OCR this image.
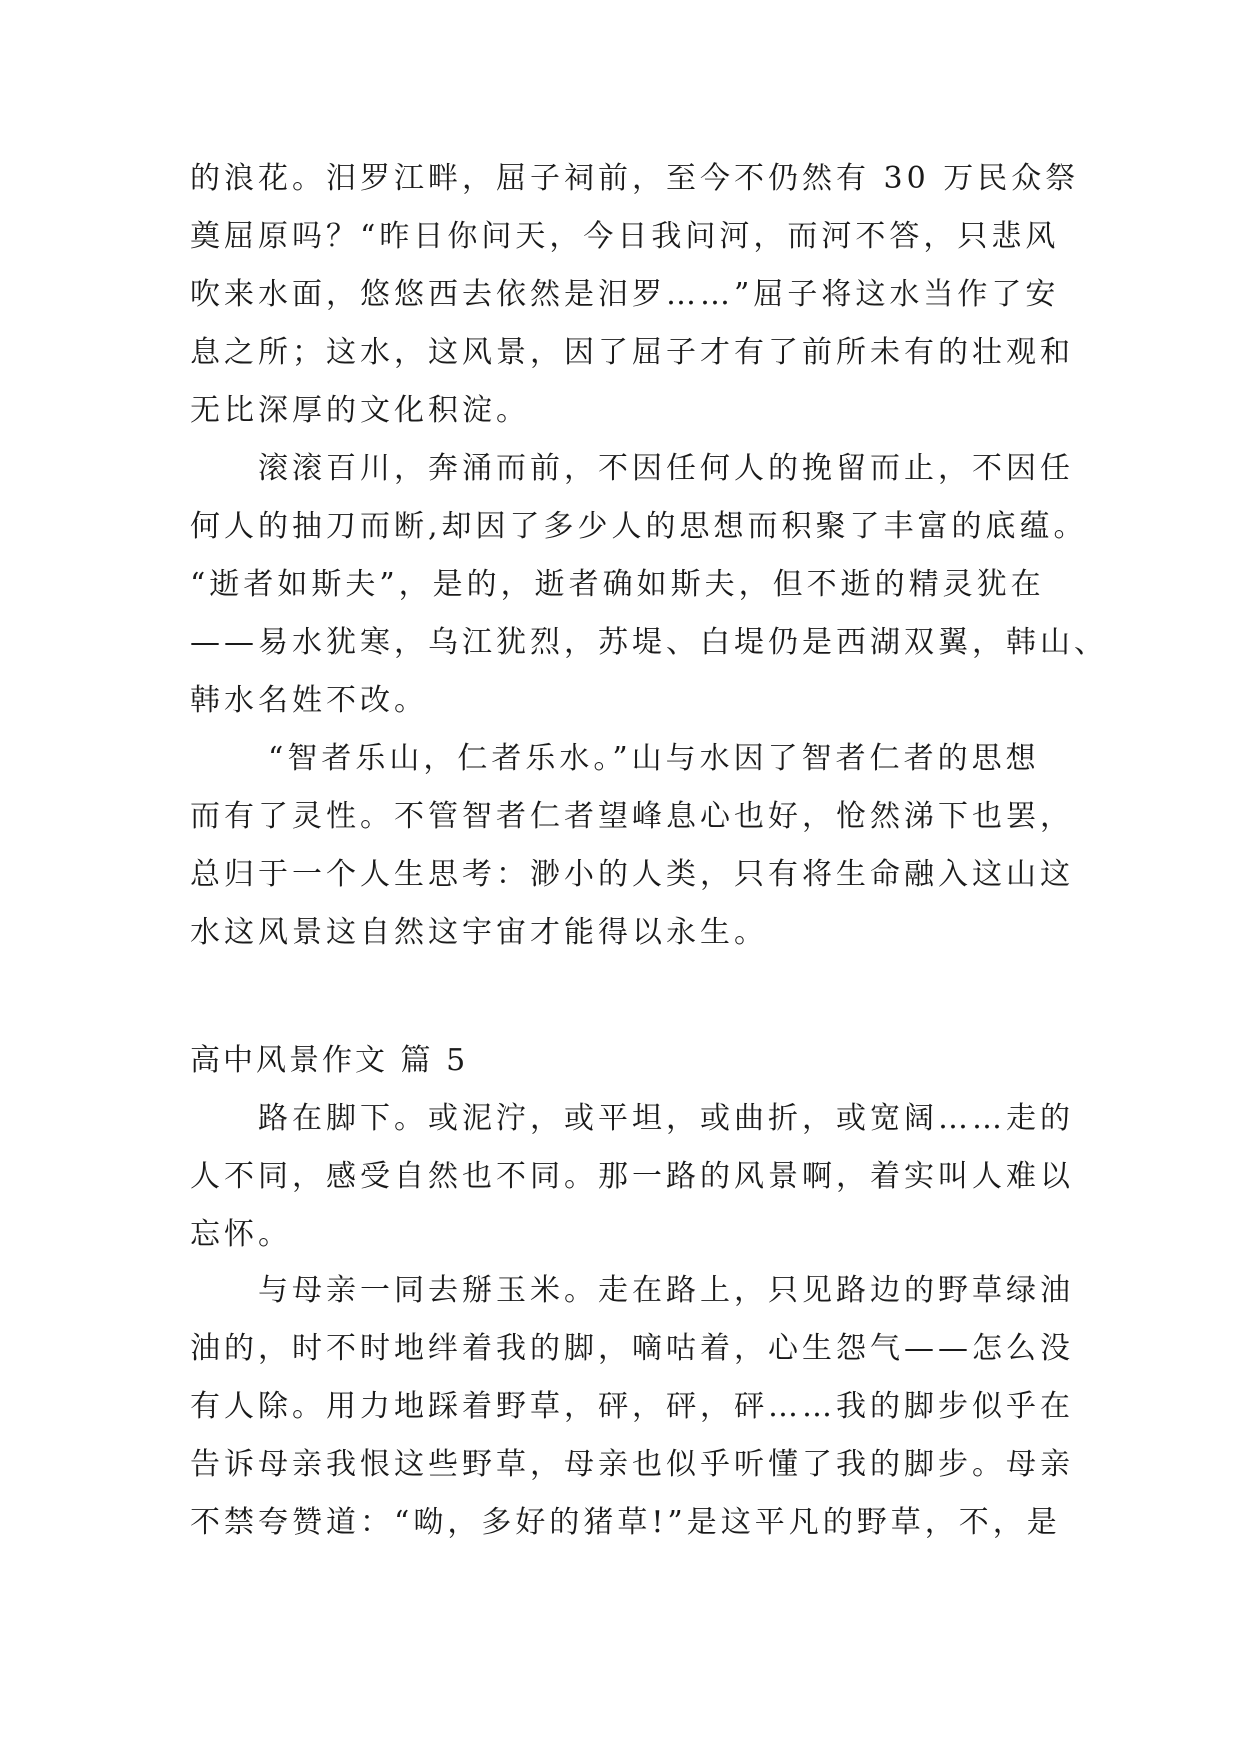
的浪花。汨罗江畔，屈子祠前，至今不仍然有 30 万民众祭
奠屈原吗？“昨日你问天，今日我问河，而河不答，只悲风
吹来水面，悠悠西去依然是汨罗……”屈子将这水当作了安
息之所；这水，这风景，因了屈子才有了前所未有的壮观和
无比深厚的文化积淀。
滚滚百川，奔涌而前，不因任何人的挽留而止，不因任
何人的抽刀而断,却因了多少人的思想而积聚了丰富的底蕴。
“逝者如斯夫”，是的，逝者确如斯夫，但不逝的精灵犹在
——易水犹寒，乌江犹烈，苏堤、白堤仍是西湖双翼，韩山、
韩水名姓不改。
“智者乐山，仁者乐水。”山与水因了智者仁者的思想
而有了灵性。不管智者仁者望峰息心也好，怆然涕下也罢，
总归于一个人生思考：渺小的人类，只有将生命融入这山这
水这风景这自然这宇宙才能得以永生。
高中风景作文 篇 5
路在脚下。或泥泞，或平坦，或曲折，或宽阔……走的
人不同，感受自然也不同。那一路的风景啊，着实叫人难以
忘怀。
与母亲一同去掰玉米。走在路上，只见路边的野草绿油
油的，时不时地绊着我的脚，嘀咕着，心生怨气——怎么没
有人除。用力地踩着野草，砰，砰，砰……我的脚步似乎在
告诉母亲我恨这些野草，母亲也似乎听懂了我的脚步。母亲
不禁夸赞道：“呦，多好的猪草!”是这平凡的野草，不，是
